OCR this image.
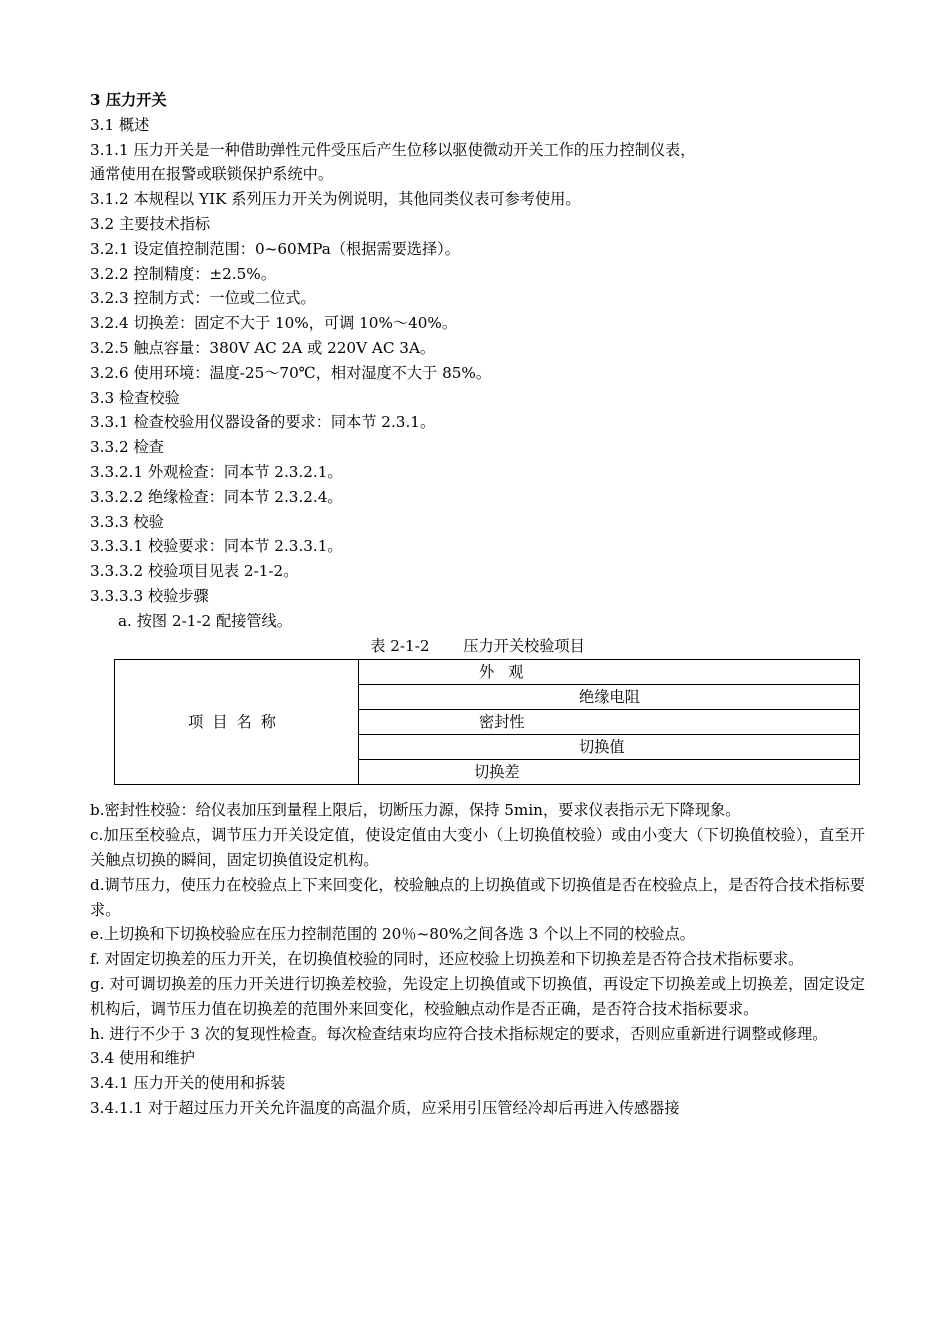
3 压力开关
3.1 概述
3.1.1 压力开关是一种借助弹性元件受压后产生位移以驱使微动开关工作的压力控制仪表，
通常使用在报警或联锁保护系统中。
3.1.2 本规程以 YIK 系列压力开关为例说明，其他同类仪表可参考使用。
3.2 主要技术指标
3.2.1 设定值控制范围：0~60MPa（根据需要选择）。
3.2.2 控制精度：±2.5%。
3.2.3 控制方式：一位或二位式。
3.2.4 切换差：固定不大于 10%，可调 10%～40%。
3.2.5 触点容量：380V AC 2A 或 220V AC 3A。
3.2.6 使用环境：温度-25～70℃，相对湿度不大于 85%。
3.3 检查校验
3.3.1 检查校验用仪器设备的要求：同本节 2.3.1。
3.3.2 检查
3.3.2.1 外观检查：同本节 2.3.2.1。
3.3.2.2 绝缘检查：同本节 2.3.2.4。
3.3.3 校验
3.3.3.1 校验要求：同本节 2.3.3.1。
3.3.3.2 校验项目见表 2-1-2。
3.3.3.3 校验步骤
a. 按图 2-1-2 配接管线。
表 2-1-2       压力开关校验项目
项目名称	外观
绝缘电阻
密封性
切换值
切换差
b.密封性校验：给仪表加压到量程上限后，切断压力源，保持 5min，要求仪表指示无下降现象。
c.加压至校验点，调节压力开关设定值，使设定值由大变小（上切换值校验）或由小变大（下切换值校验），直至开关触点切换的瞬间，固定切换值设定机构。
d.调节压力，使压力在校验点上下来回变化，校验触点的上切换值或下切换值是否在校验点上，是否符合技术指标要求。
e.上切换和下切换校验应在压力控制范围的 20％~80%之间各选 3 个以上不同的校验点。
f. 对固定切换差的压力开关，在切换值校验的同时，还应校验上切换差和下切换差是否符合技术指标要求。
g. 对可调切换差的压力开关进行切换差校验，先设定上切换值或下切换值，再设定下切换差或上切换差，固定设定机构后，调节压力值在切换差的范围外来回变化，校验触点动作是否正确，是否符合技术指标要求。
h. 进行不少于 3 次的复现性检查。每次检查结束均应符合技术指标规定的要求，否则应重新进行调整或修理。
3.4 使用和维护
3.4.1 压力开关的使用和拆装
3.4.1.1 对于超过压力开关允许温度的高温介质，应采用引压管经冷却后再进入传感器接
